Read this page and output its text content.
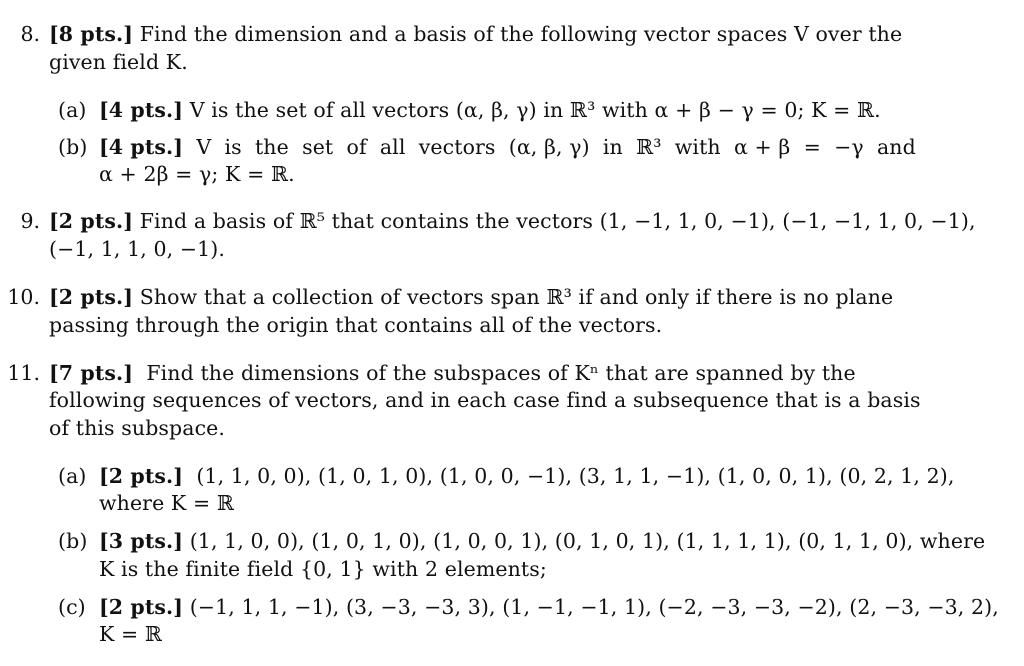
8. [8 pts.] Find the dimension and a basis of the following vector spaces V over the
given field K.
(a) [4 pts.] V is the set of all vectors (α, β, γ) in ℝ³ with α + β − γ = 0; K = ℝ.
(b) [4 pts.]  V  is  the  set  of  all  vectors  (α, β, γ)  in  ℝ³  with  α + β  =  −γ  and
α + 2β = γ; K = ℝ.
9. [2 pts.] Find a basis of ℝ⁵ that contains the vectors (1, −1, 1, 0, −1), (−1, −1, 1, 0, −1),
(−1, 1, 1, 0, −1).
10. [2 pts.] Show that a collection of vectors span ℝ³ if and only if there is no plane
passing through the origin that contains all of the vectors.
11. [7 pts.]  Find the dimensions of the subspaces of Kⁿ that are spanned by the
following sequences of vectors, and in each case find a subsequence that is a basis
of this subspace.
(a) [2 pts.]  (1, 1, 0, 0), (1, 0, 1, 0), (1, 0, 0, −1), (3, 1, 1, −1), (1, 0, 0, 1), (0, 2, 1, 2),
where K = ℝ
(b) [3 pts.] (1, 1, 0, 0), (1, 0, 1, 0), (1, 0, 0, 1), (0, 1, 0, 1), (1, 1, 1, 1), (0, 1, 1, 0), where
K is the finite field {0, 1} with 2 elements;
(c) [2 pts.] (−1, 1, 1, −1), (3, −3, −3, 3), (1, −1, −1, 1), (−2, −3, −3, −2), (2, −3, −3, 2),
K = ℝ
